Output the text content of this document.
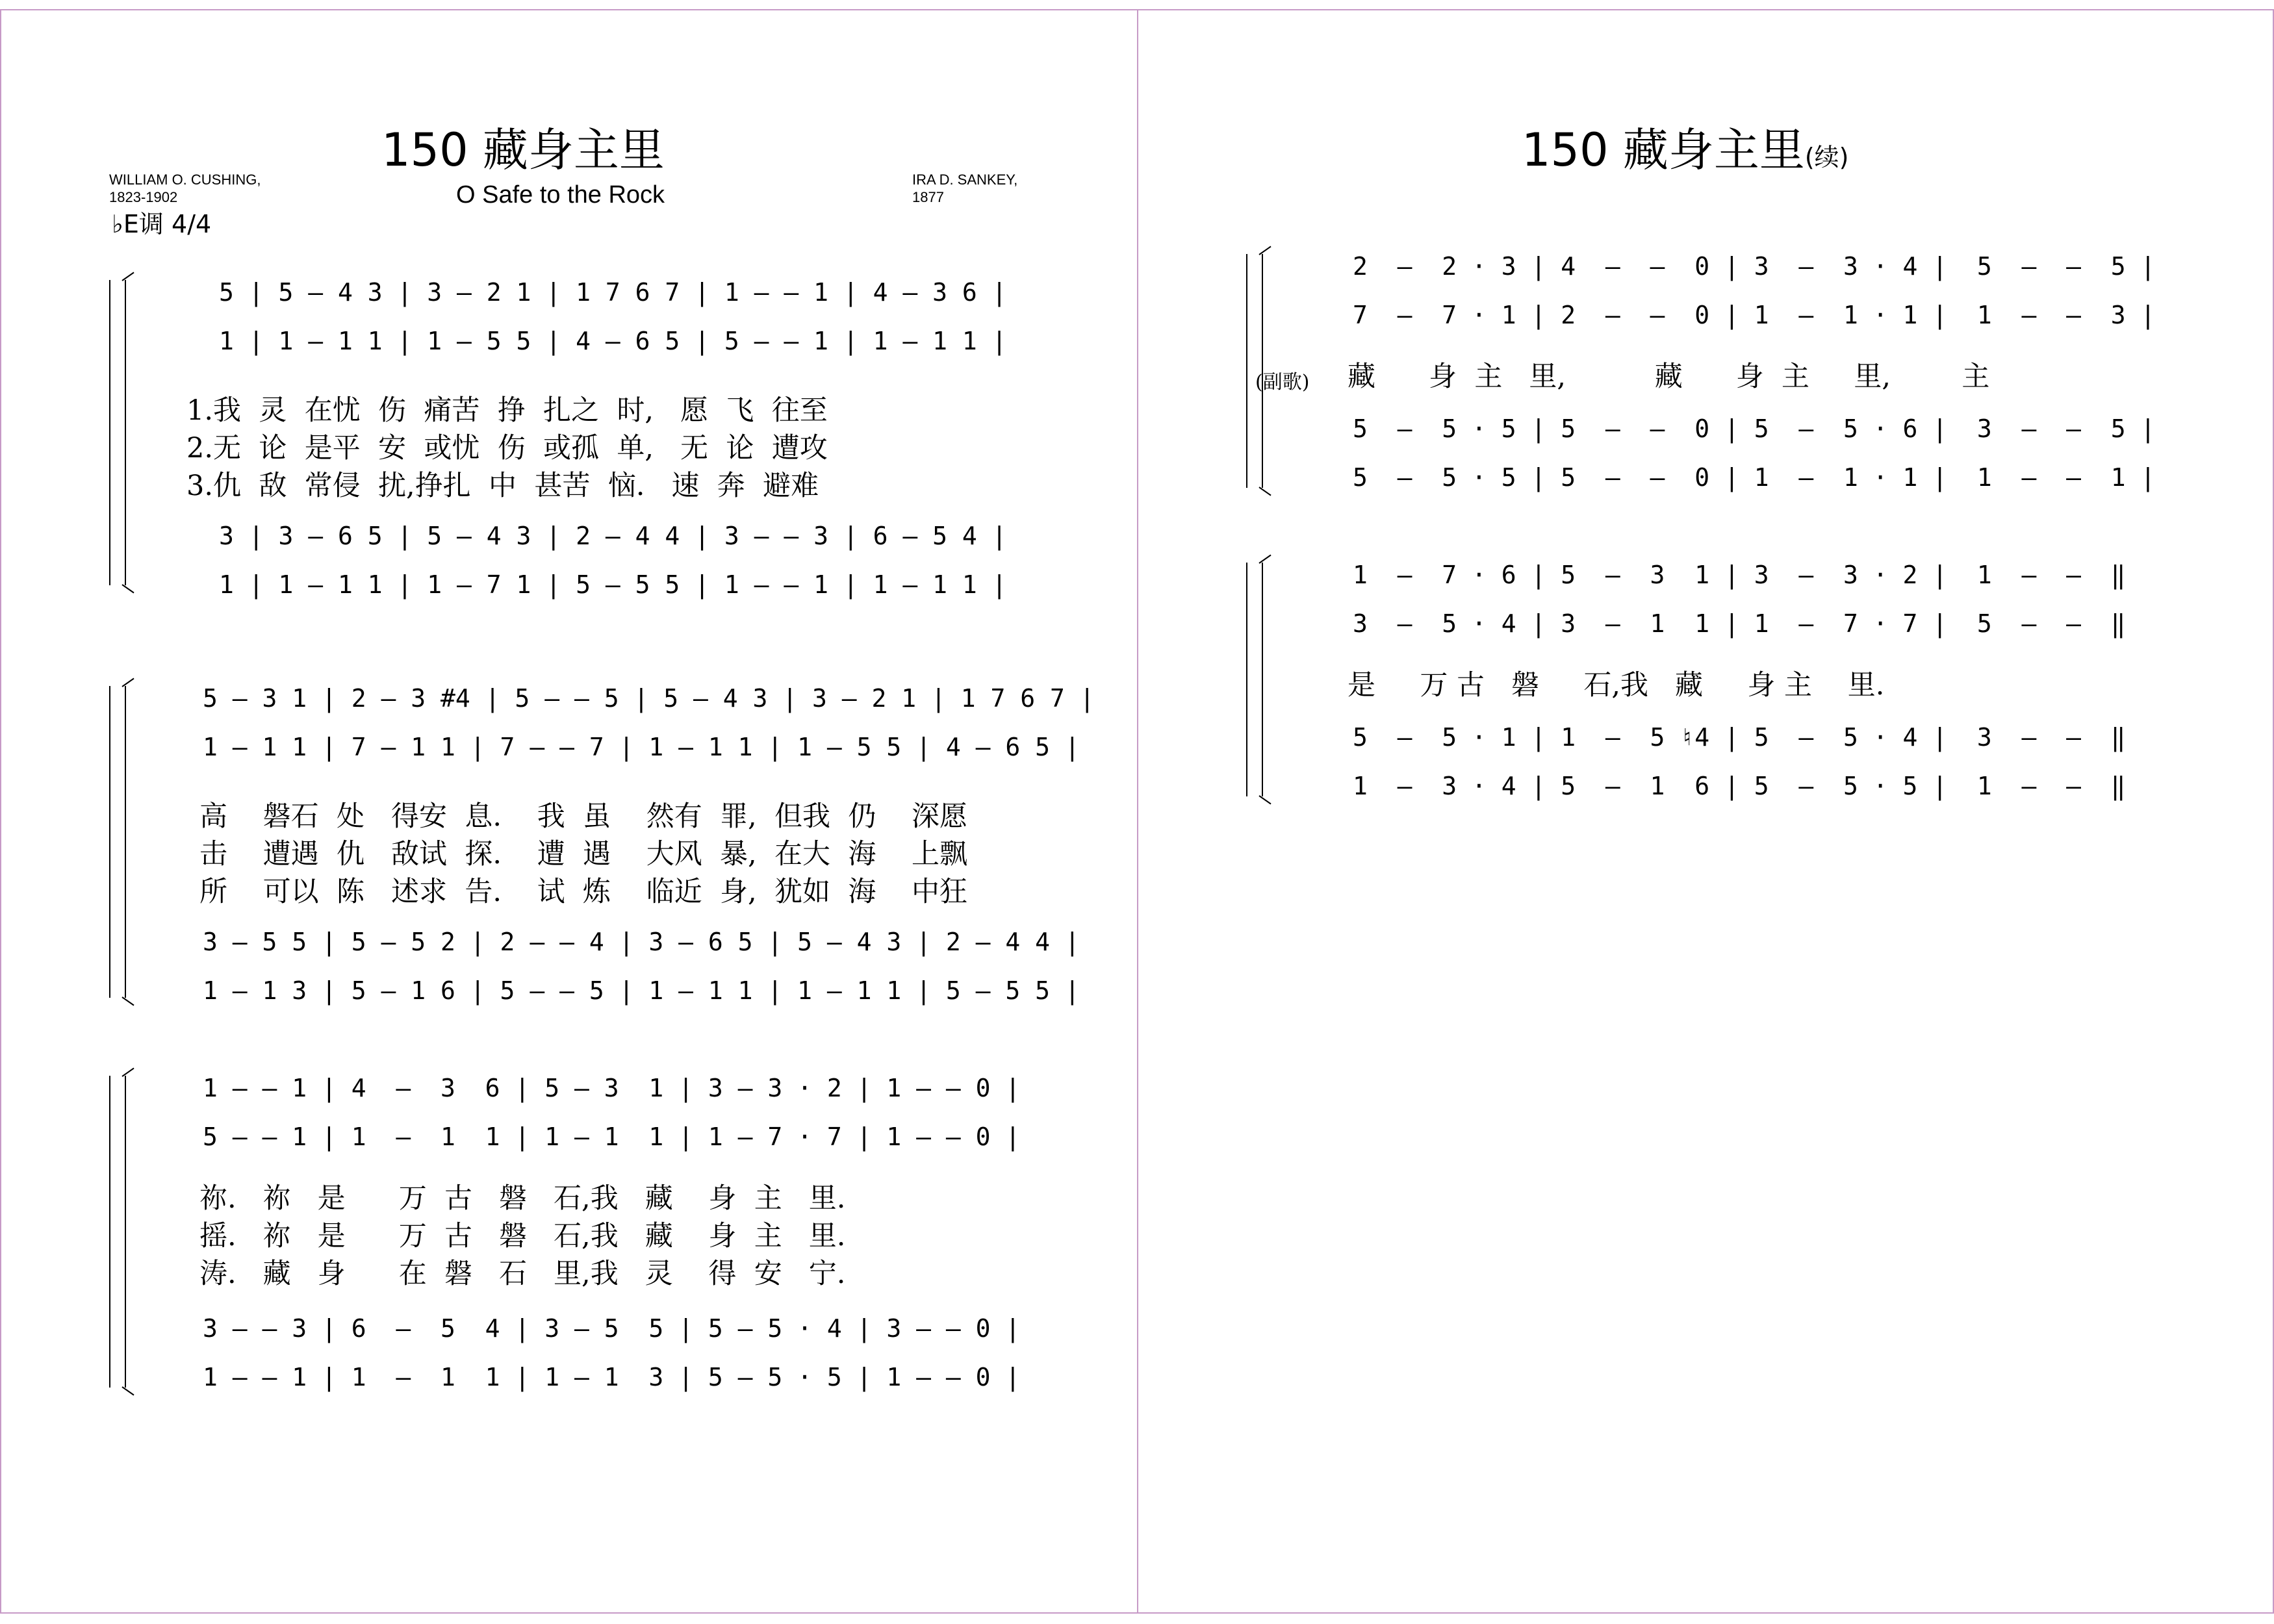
150 藏身主里
O Safe to the Rock
WILLIAM O. CUSHING,
1823-1902
IRA D. SANKEY,
1877
♭E调 4/4
5 | 5 — 4 3 | 3 — 2 1 | 1 7 6 7 | 1 — — 1 | 4 — 3 6 |
1 | 1 — 1 1 | 1 — 5 5 | 4 — 6 5 | 5 — — 1 | 1 — 1 1 |
1.我  灵  在忧  伤  痛苦  挣  扎之  时,   愿  飞  往至
2.无  论  是平  安  或忧  伤  或孤  单,   无  论  遭攻
3.仇  敌  常侵  扰,挣扎  中  甚苦  恼.   速  奔  避难
3 | 3 — 6 5 | 5 — 4 3 | 2 — 4 4 | 3 — — 3 | 6 — 5 4 |
1 | 1 — 1 1 | 1 — 7 1 | 5 — 5 5 | 1 — — 1 | 1 — 1 1 |
5 — 3 1 | 2 — 3 #4 | 5 — — 5 | 5 — 4 3 | 3 — 2 1 | 1 7 6 7 |
1 — 1 1 | 7 — 1 1 | 7 — — 7 | 1 — 1 1 | 1 — 5 5 | 4 — 6 5 |
高    磐石  处   得安  息.    我  虽    然有  罪,  但我  仍    深愿
击    遭遇  仇   敌试  探.    遭  遇    大风  暴,  在大  海    上飘
所    可以  陈   述求  告.    试  炼    临近  身,  犹如  海    中狂
3 — 5 5 | 5 — 5 2 | 2 — — 4 | 3 — 6 5 | 5 — 4 3 | 2 — 4 4 |
1 — 1 3 | 5 — 1 6 | 5 — — 5 | 1 — 1 1 | 1 — 1 1 | 5 — 5 5 |
1 — — 1 | 4  —  3  6 | 5 — 3  1 | 3 — 3 · 2 | 1 — — 0 |
5 — — 1 | 1  —  1  1 | 1 — 1  1 | 1 — 7 · 7 | 1 — — 0 |
祢.   祢   是      万  古   磐   石,我   藏    身  主   里.
摇.   祢   是      万  古   磐   石,我   藏    身  主   里.
涛.   藏   身      在  磐   石   里,我   灵    得  安   宁.
3 — — 3 | 6  —  5  4 | 3 — 5  5 | 5 — 5 · 4 | 3 — — 0 |
1 — — 1 | 1  —  1  1 | 1 — 1  3 | 5 — 5 · 5 | 1 — — 0 |
150 藏身主里(续)
2  —  2 · 3 | 4  —  —  0 | 3  —  3 · 4 |  5  —  —  5 |
7  —  7 · 1 | 2  —  —  0 | 1  —  1 · 1 |  1  —  —  3 |
(副歌) 藏      身  主   里,          藏      身  主     里,        主
5  —  5 · 5 | 5  —  —  0 | 5  —  5 · 6 |  3  —  —  5 |
5  —  5 · 5 | 5  —  —  0 | 1  —  1 · 1 |  1  —  —  1 |
1  —  7 · 6 | 5  —  3  1 | 3  —  3 · 2 |  1  —  —  ‖
3  —  5 · 4 | 3  —  1  1 | 1  —  7 · 7 |  5  —  —  ‖
是     万 古   磐     石,我   藏     身 主    里.
5  —  5 · 1 | 1  —  5 ♮4 | 5  —  5 · 4 |  3  —  —  ‖
1  —  3 · 4 | 5  —  1  6 | 5  —  5 · 5 |  1  —  —  ‖
